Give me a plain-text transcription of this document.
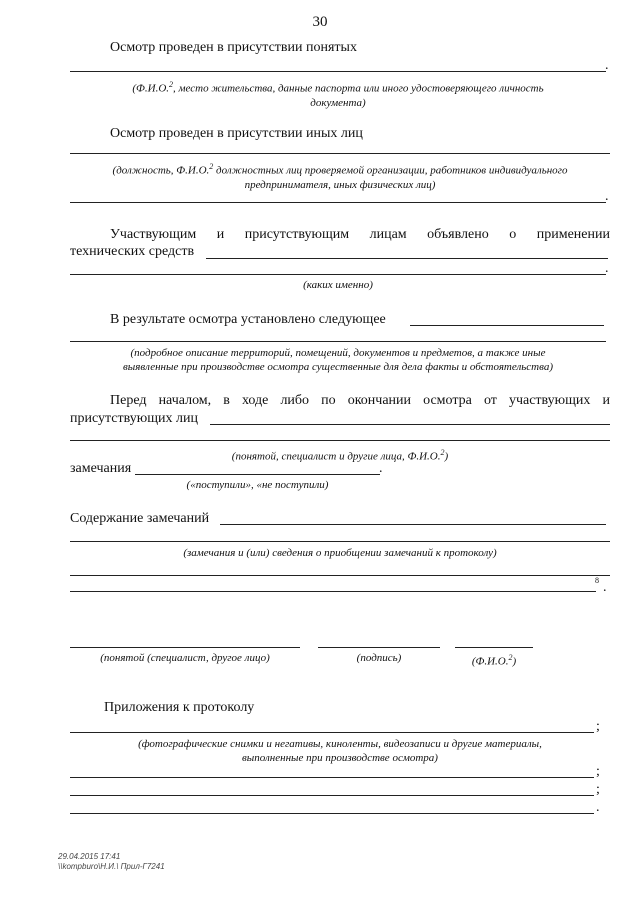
30
Осмотр проведен в присутствии понятых
.
(Ф.И.О.$^2$, место жительства, данные паспорта или иного удостоверяющего личность
документа)
Осмотр проведен в присутствии иных лиц
(должность, Ф.И.О.$^2$ должностных лиц проверяемой организации, работников индивидуального
предпринимателя, иных физических лиц)
.
Участвующим и присутствующим лицам объявлено о применении
технических средств
.
(каких именно)
В результате осмотра установлено следующее
(подробное описание территорий, помещений, документов и предметов, а также иные
выявленные при производстве осмотра существенные для дела факты и обстоятельства)
Перед началом, в ходе либо по окончании осмотра от участвующих и
присутствующих лиц
(понятой, специалист и другие лица, Ф.И.О.$^2$)
замечания	.
(«поступили», «не поступили)
Содержание замечаний
(замечания и (или) сведения о приобщении замечаний к протоколу)
8 .
(понятой (специалист, другое лицо)	(подпись)	(Ф.И.О.$^2$)
Приложения к протоколу
;
(фотографические снимки и негативы, киноленты, видеозаписи и другие материалы,
выполненные при производстве осмотра)
;
;
.
29.04.2015 17:41
\\kompburo\Н.И.\ Прил-Г7241
